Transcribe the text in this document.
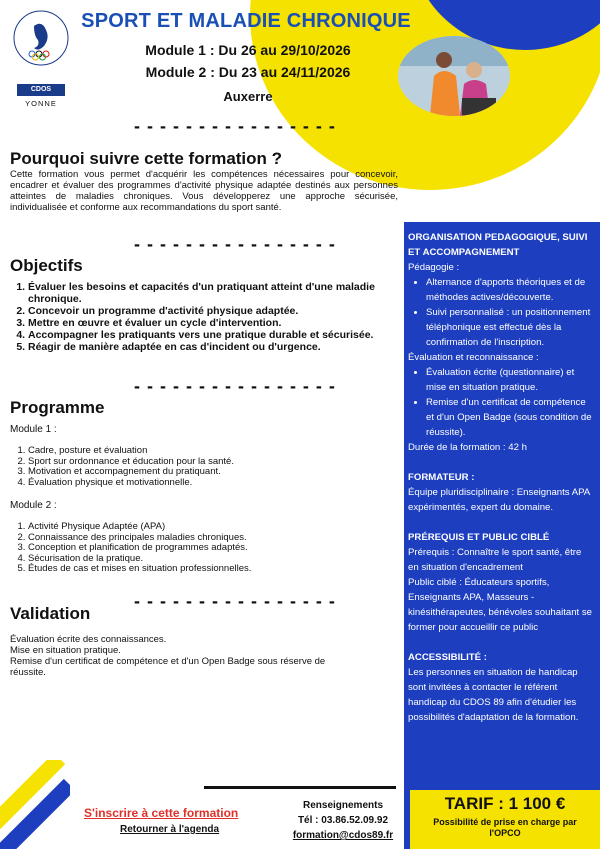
CDOS
YONNE
SPORT ET MALADIE CHRONIQUE
Module 1 : Du 26 au 29/10/2026
Module 2 : Du 23 au 24/11/2026
Auxerre
- - - - - - - - - - - - - - - -
Pourquoi suivre cette formation ?
Cette formation vous permet d'acquérir les compétences nécessaires pour concevoir, encadrer et évaluer des programmes d'activité physique adaptée destinés aux personnes atteintes de maladies chroniques. Vous développerez une approche sécurisée, individualisée et conforme aux recommandations du sport santé.
- - - - - - - - - - - - - - - -
Objectifs
1. Évaluer les besoins et capacités d'un pratiquant atteint d'une maladie chronique.
2. Concevoir un programme d'activité physique adaptée.
3. Mettre en œuvre et évaluer un cycle d'intervention.
4. Accompagner les pratiquants vers une pratique durable et sécurisée.
5. Réagir de manière adaptée en cas d'incident ou d'urgence.
- - - - - - - - - - - - - - - -
Programme
Module 1 :
1. Cadre, posture et évaluation
2. Sport sur ordonnance et éducation pour la santé.
3. Motivation et accompagnement du pratiquant.
4. Évaluation physique et motivationnelle.
Module 2 :
1. Activité Physique Adaptée (APA)
2. Connaissance des principales maladies chroniques.
3. Conception et planification de programmes adaptés.
4. Sécurisation de la pratique.
5. Études de cas et mises en situation professionnelles.
- - - - - - - - - - - - - - - -
Validation
Évaluation écrite des connaissances.
Mise en situation pratique.
Remise d'un certificat de compétence et d'un Open Badge sous réserve de réussite.
ORGANISATION PEDAGOGIQUE, SUIVI ET ACCOMPAGNEMENT
Pédagogie :
• Alternance d'apports théoriques et de méthodes actives/découverte.
• Suivi personnalisé : un positionnement téléphonique est effectué dès la confirmation de l'inscription.
Évaluation et reconnaissance :
• Évaluation écrite (questionnaire) et mise en situation pratique.
• Remise d'un certificat de compétence et d'un Open Badge (sous condition de réussite).
Durée de la formation : 42 h
FORMATEUR :
Équipe pluridisciplinaire : Enseignants APA expérimentés, expert du domaine.
PRÉREQUIS ET PUBLIC CIBLÉ
Prérequis : Connaître le sport santé, être en situation d'encadrement
Public ciblé : Éducateurs sportifs, Enseignants APA, Masseurs - kinésithérapeutes, bénévoles souhaitant se former pour accueillir ce public
ACCESSIBILITÉ :
Les personnes en situation de handicap sont invitées à contacter le référent handicap du CDOS 89 afin d'étudier les possibilités d'adaptation de la formation.
S'inscrire à cette formation
Retourner à l'agenda
Renseignements
Tél : 03.86.52.09.92
formation@cdos89.fr
TARIF : 1 100 €
Possibilité de prise en charge par l'OPCO
